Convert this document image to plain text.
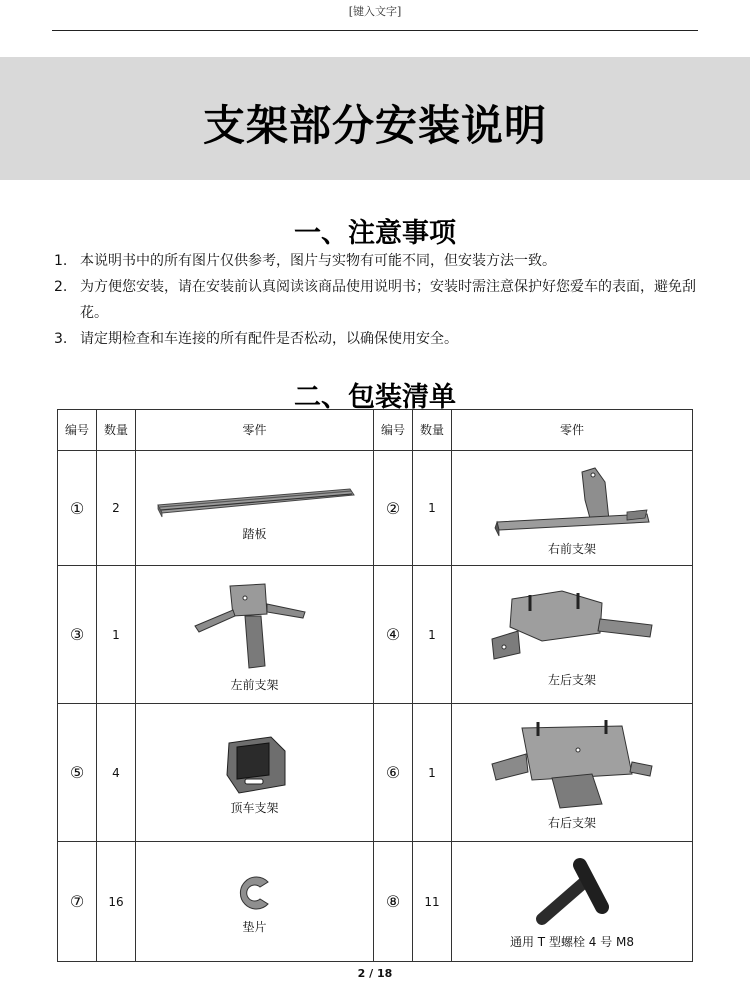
[键入文字]
支架部分安装说明
一、注意事项
1. 本说明书中的所有图片仅供参考，图片与实物有可能不同，但安装方法一致。
2. 为方便您安装，请在安装前认真阅读该商品使用说明书；安装时需注意保护好您爱车的表面，避免刮花。
3. 请定期检查和车连接的所有配件是否松动，以确保使用安全。
二、包装清单
编号	数量	零件	编号	数量	零件
①	2	踏板	②	1	右前支架

③	1	左前支架	④	1	左后支架

⑤	4	顶车支架	⑥	1	右后支架

⑦	16	垫片	⑧	11	通用 T 型螺栓 4 号 M8
2 / 18
